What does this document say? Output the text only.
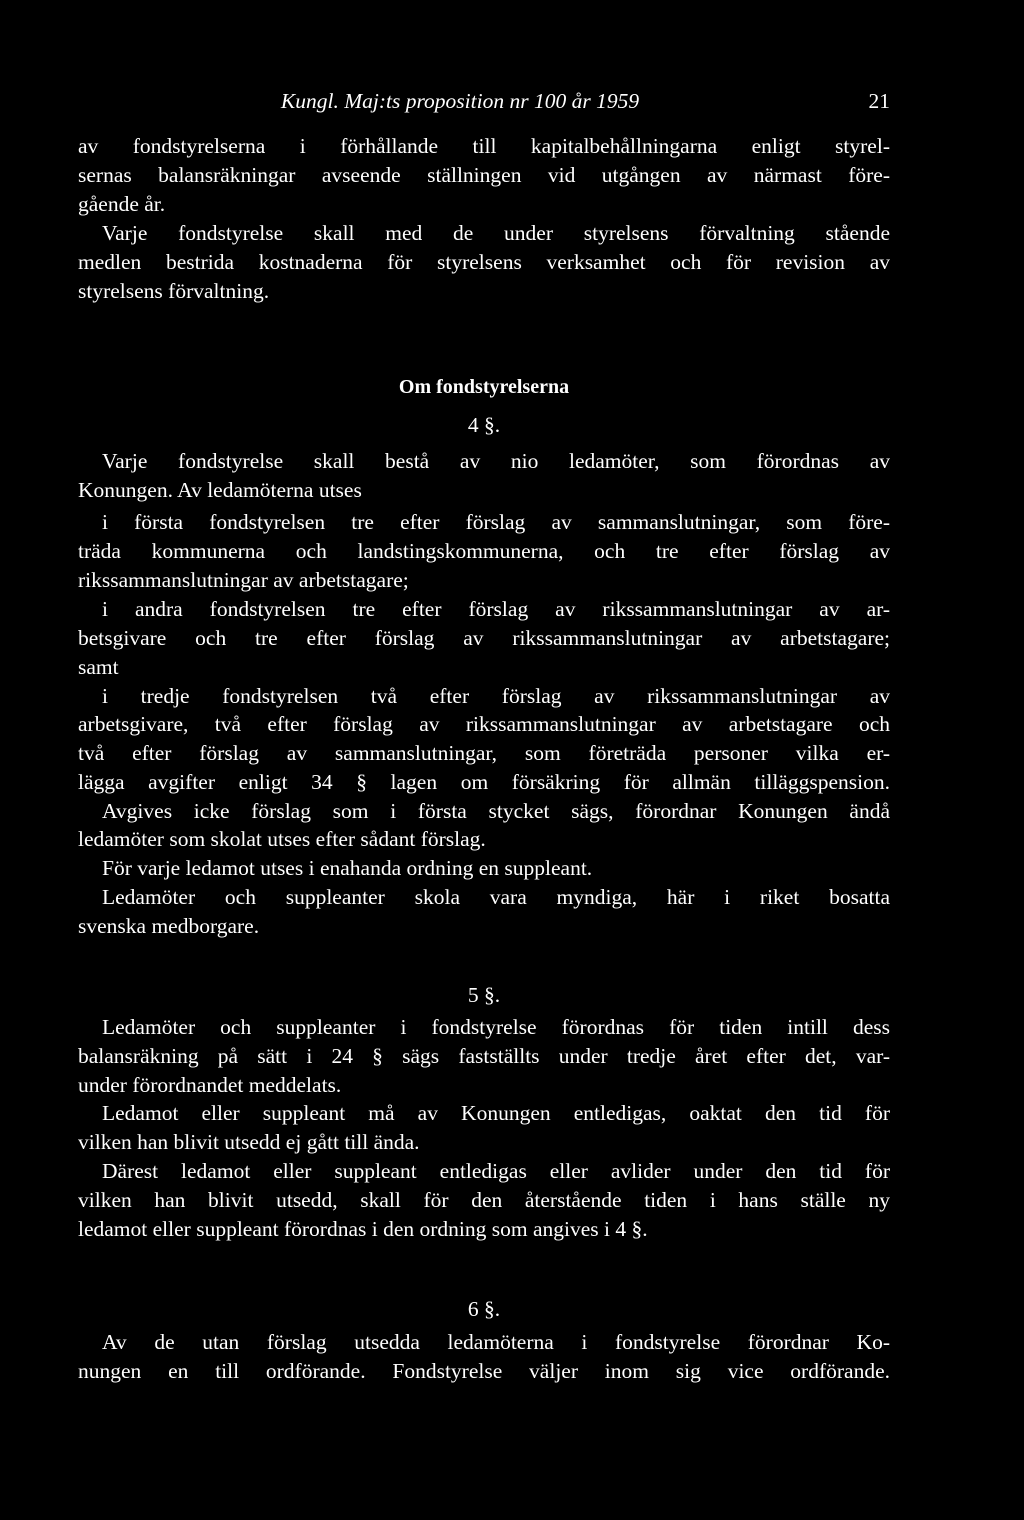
Kungl. Maj:ts proposition nr 100 år 1959	21
av fondstyrelserna i förhållande till kapitalbehållningarna enligt styrel-
sernas balansräkningar avseende ställningen vid utgången av närmast före-
gående år.
Varje fondstyrelse skall med de under styrelsens förvaltning stående
medlen bestrida kostnaderna för styrelsens verksamhet och för revision av
styrelsens förvaltning.
Om fondstyrelserna
4 §.
Varje fondstyrelse skall bestå av nio ledamöter, som förordnas av
Konungen. Av ledamöterna utses
i första fondstyrelsen tre efter förslag av sammanslutningar, som före-
träda kommunerna och landstingskommunerna, och tre efter förslag av
rikssammanslutningar av arbetstagare;
i andra fondstyrelsen tre efter förslag av rikssammanslutningar av ar-
betsgivare och tre efter förslag av rikssammanslutningar av arbetstagare;
samt
i tredje fondstyrelsen två efter förslag av rikssammanslutningar av
arbetsgivare, två efter förslag av rikssammanslutningar av arbetstagare och
två efter förslag av sammanslutningar, som företräda personer vilka er-
lägga avgifter enligt 34 § lagen om försäkring för allmän tilläggspension.
Avgives icke förslag som i första stycket sägs, förordnar Konungen ändå
ledamöter som skolat utses efter sådant förslag.
För varje ledamot utses i enahanda ordning en suppleant.
Ledamöter och suppleanter skola vara myndiga, här i riket bosatta
svenska medborgare.
5 §.
Ledamöter och suppleanter i fondstyrelse förordnas för tiden intill dess
balansräkning på sätt i 24 § sägs fastställts under tredje året efter det, var-
under förordnandet meddelats.
Ledamot eller suppleant må av Konungen entledigas, oaktat den tid för
vilken han blivit utsedd ej gått till ända.
Därest ledamot eller suppleant entledigas eller avlider under den tid för
vilken han blivit utsedd, skall för den återstående tiden i hans ställe ny
ledamot eller suppleant förordnas i den ordning som angives i 4 §.
6 §.
Av de utan förslag utsedda ledamöterna i fondstyrelse förordnar Ko-
nungen en till ordförande. Fondstyrelse väljer inom sig vice ordförande.
